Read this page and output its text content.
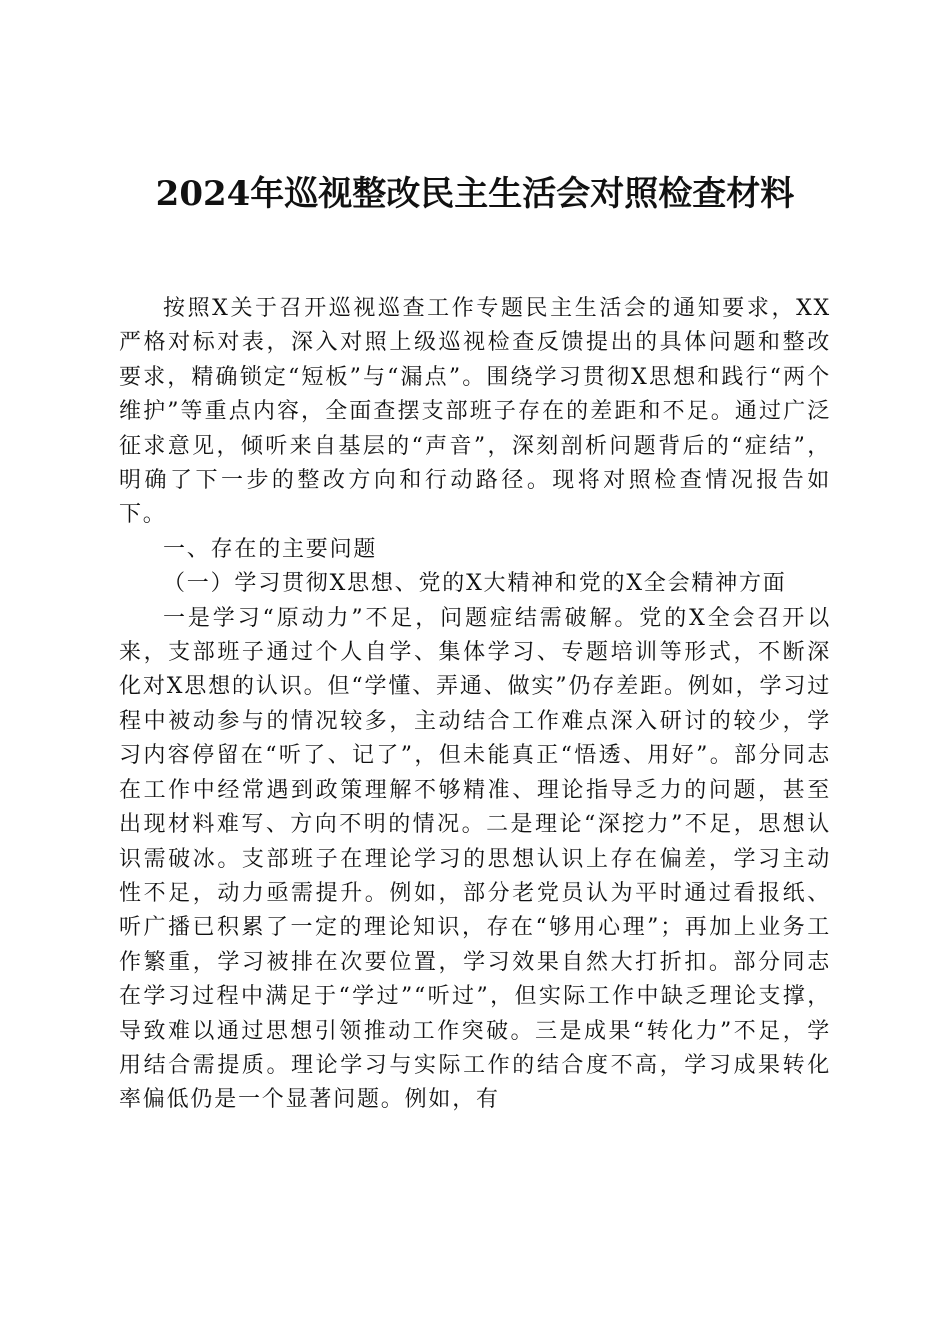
2024年巡视整改民主生活会对照检查材料

按照X关于召开巡视巡查工作专题民主生活会的通知要求，XX严格对标对表，深入对照上级巡视检查反馈提出的具体问题和整改要求，精确锁定“短板”与“漏点”。围绕学习贯彻X思想和践行“两个维护”等重点内容，全面查摆支部班子存在的差距和不足。通过广泛征求意见，倾听来自基层的“声音”，深刻剖析问题背后的“症结”，明确了下一步的整改方向和行动路径。现将对照检查情况报告如下。

一、存在的主要问题

（一）学习贯彻X思想、党的X大精神和党的X全会精神方面

一是学习“原动力”不足，问题症结需破解。党的X全会召开以来，支部班子通过个人自学、集体学习、专题培训等形式，不断深化对X思想的认识。但“学懂、弄通、做实”仍存差距。例如，学习过程中被动参与的情况较多，主动结合工作难点深入研讨的较少，学习内容停留在“听了、记了”，但未能真正“悟透、用好”。部分同志在工作中经常遇到政策理解不够精准、理论指导乏力的问题，甚至出现材料难写、方向不明的情况。二是理论“深挖力”不足，思想认识需破冰。支部班子在理论学习的思想认识上存在偏差，学习主动性不足，动力亟需提升。例如，部分老党员认为平时通过看报纸、听广播已积累了一定的理论知识，存在“够用心理”；再加上业务工作繁重，学习被排在次要位置，学习效果自然大打折扣。部分同志在学习过程中满足于“学过”“听过”，但实际工作中缺乏理论支撑，导致难以通过思想引领推动工作突破。三是成果“转化力”不足，学用结合需提质。理论学习与实际工作的结合度不高，学习成果转化率偏低仍是一个显著问题。例如，有
